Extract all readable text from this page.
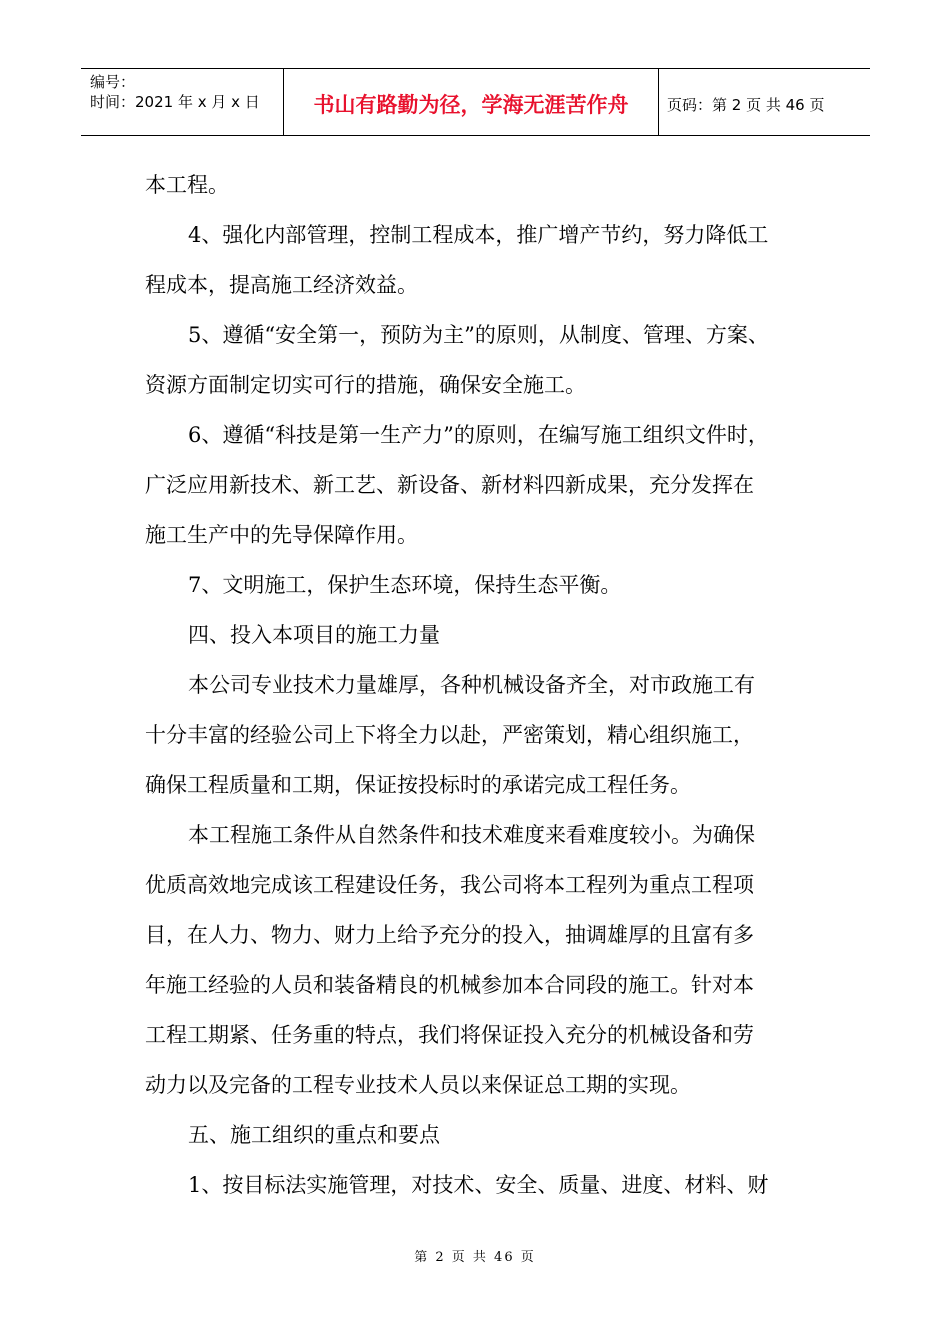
编号：
时间：2021 年 x 月 x 日	书山有路勤为径，学海无涯苦作舟	页码：第 2 页 共 46 页

本工程。

4、强化内部管理，控制工程成本，推广增产节约，努力降低工

程成本，提高施工经济效益。

5、遵循“安全第一，预防为主”的原则，从制度、管理、方案、

资源方面制定切实可行的措施，确保安全施工。

6、遵循“科技是第一生产力”的原则，在编写施工组织文件时，

广泛应用新技术、新工艺、新设备、新材料四新成果，充分发挥在

施工生产中的先导保障作用。

7、文明施工，保护生态环境，保持生态平衡。

四、投入本项目的施工力量

本公司专业技术力量雄厚，各种机械设备齐全，对市政施工有

十分丰富的经验公司上下将全力以赴，严密策划，精心组织施工，

确保工程质量和工期，保证按投标时的承诺完成工程任务。

本工程施工条件从自然条件和技术难度来看难度较小。为确保

优质高效地完成该工程建设任务，我公司将本工程列为重点工程项

目，在人力、物力、财力上给予充分的投入，抽调雄厚的且富有多

年施工经验的人员和装备精良的机械参加本合同段的施工。针对本

工程工期紧、任务重的特点，我们将保证投入充分的机械设备和劳

动力以及完备的工程专业技术人员以来保证总工期的实现。

五、施工组织的重点和要点

1、按目标法实施管理，对技术、安全、质量、进度、材料、财

第 2 页 共 46 页
